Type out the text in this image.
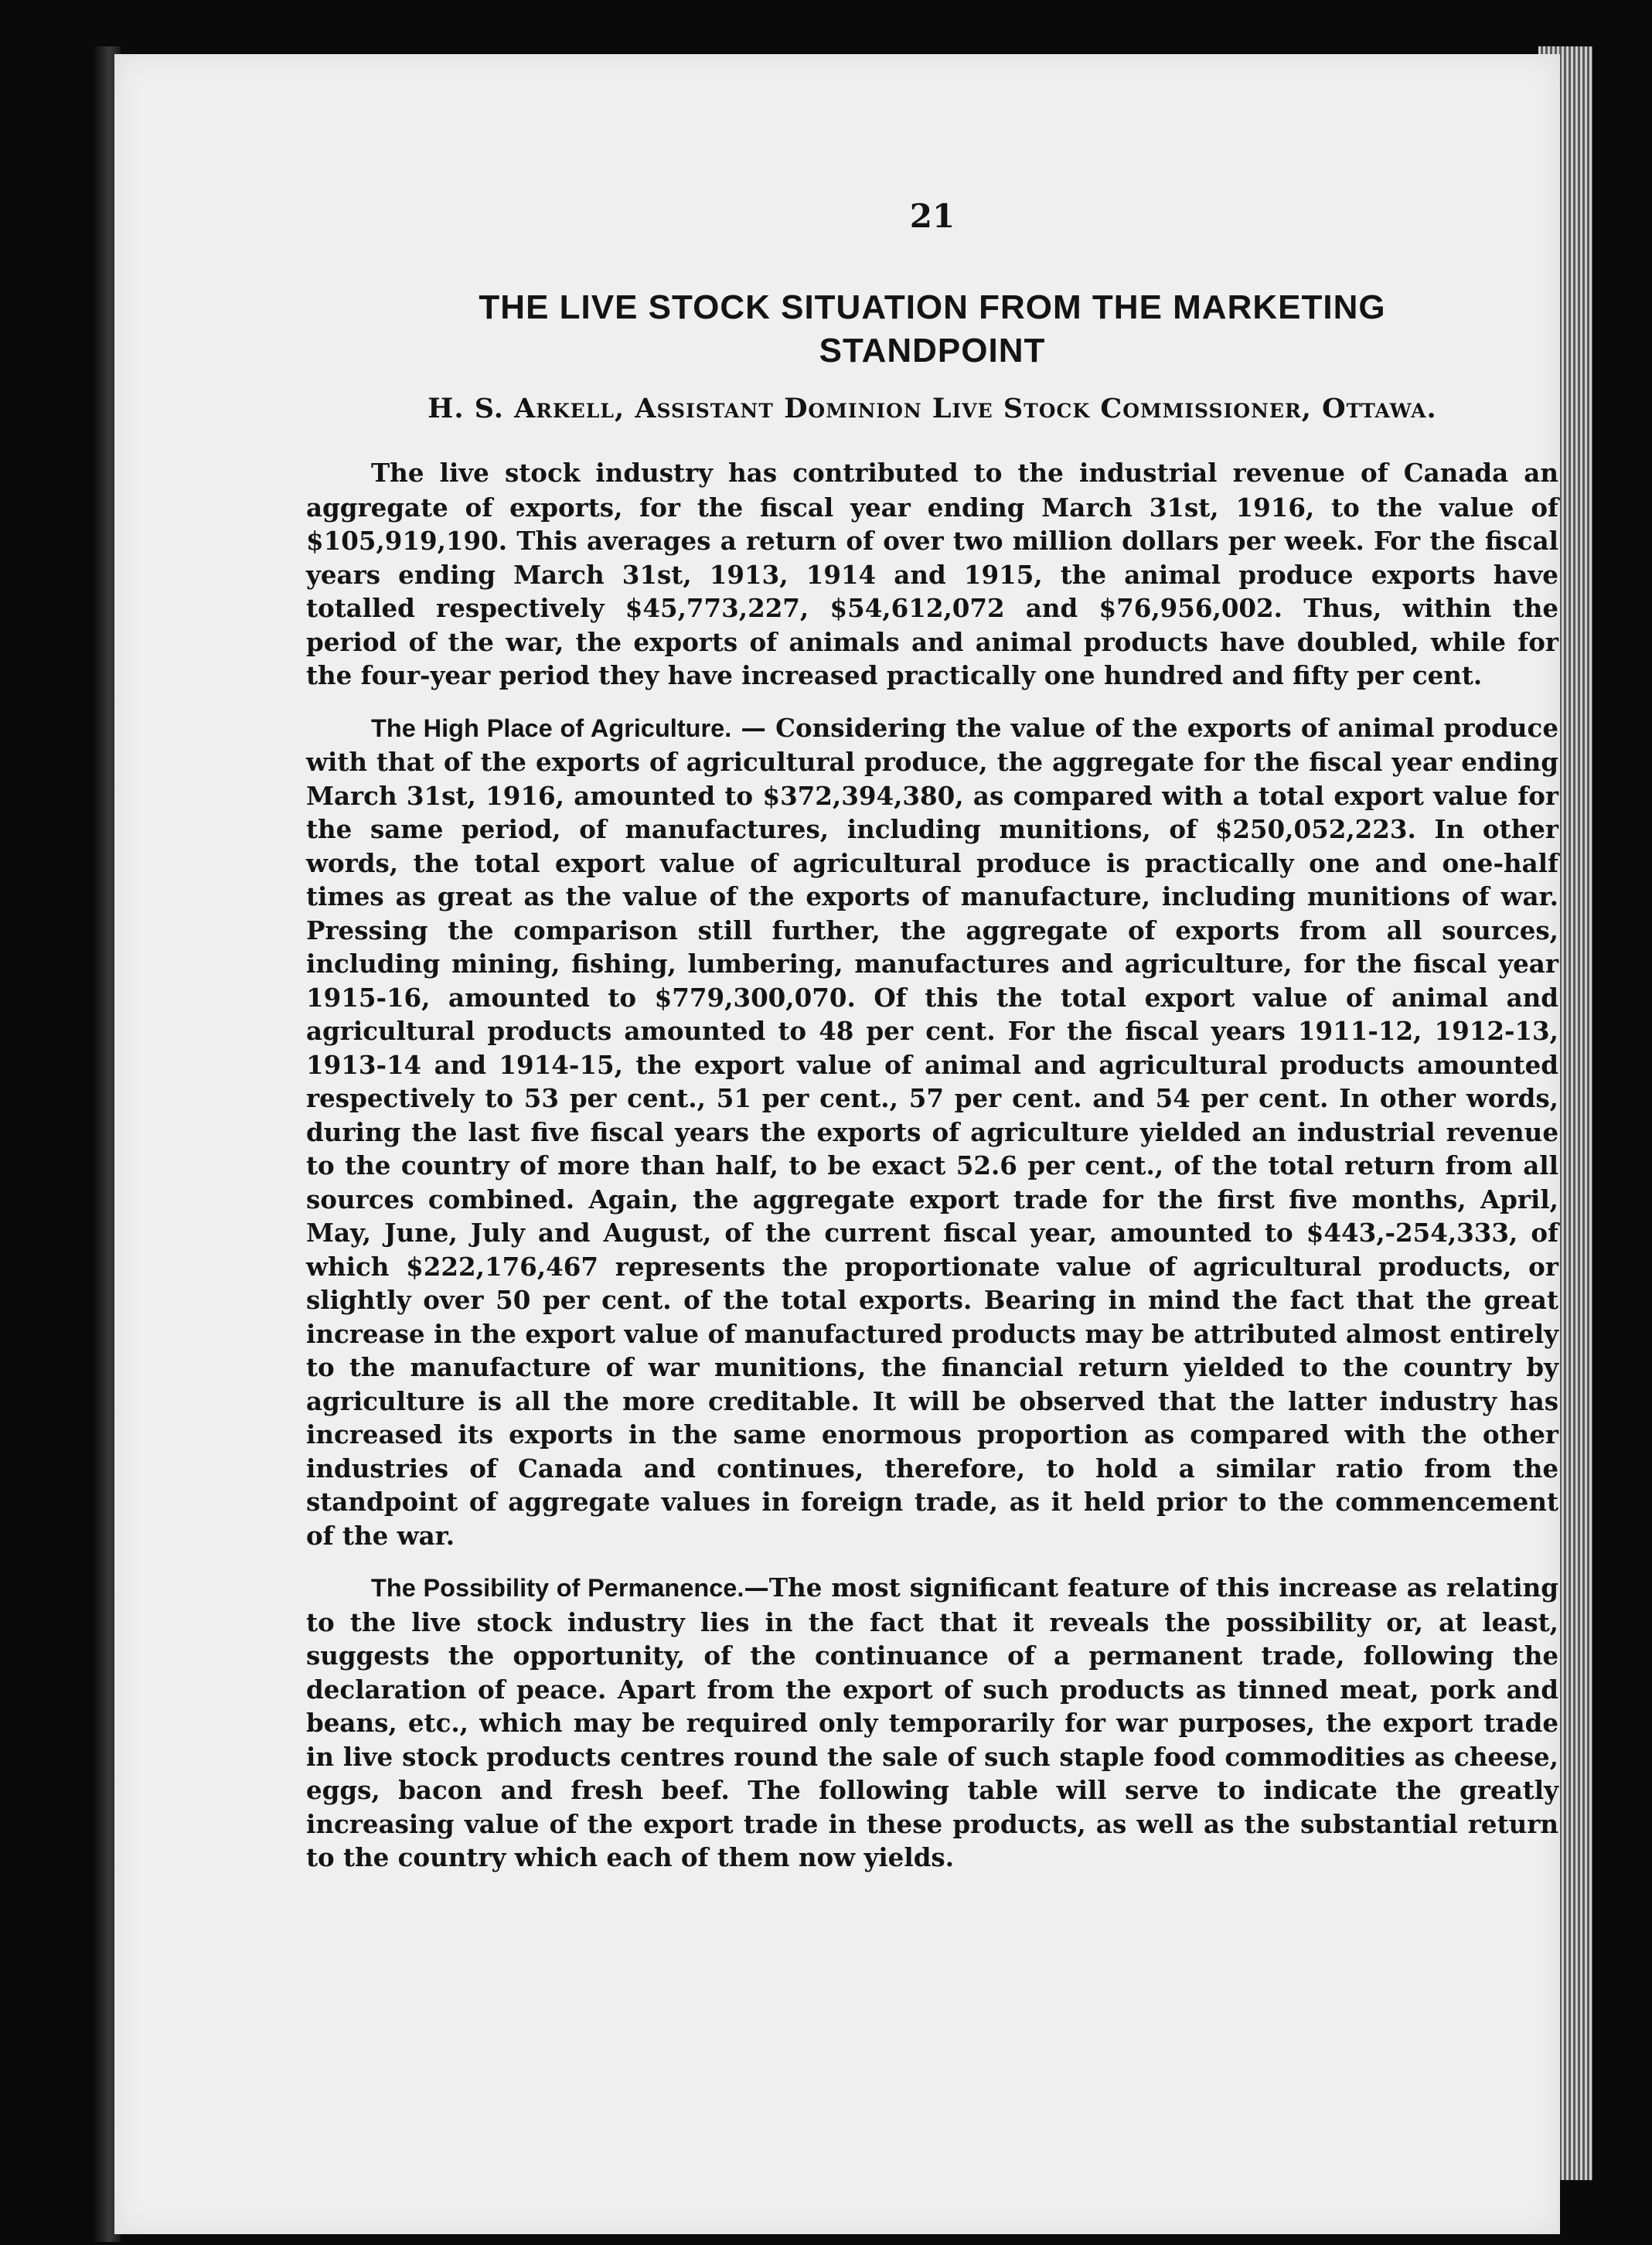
21
THE LIVE STOCK SITUATION FROM THE MARKETING
STANDPOINT
H. S. Arkell, Assistant Dominion Live Stock Commissioner, Ottawa.

The live stock industry has contributed to the industrial revenue of Canada an aggregate of exports, for the fiscal year ending March 31st, 1916, to the value of $105,919,190. This averages a return of over two million dollars per week. For the fiscal years ending March 31st, 1913, 1914 and 1915, the animal produce exports have totalled respectively $45,773,227, $54,612,072 and $76,956,002. Thus, within the period of the war, the exports of animals and animal products have doubled, while for the four-year period they have increased practically one hundred and fifty per cent.

The High Place of Agriculture. — Considering the value of the exports of animal produce with that of the exports of agricultural produce, the aggregate for the fiscal year ending March 31st, 1916, amounted to $372,394,380, as compared with a total export value for the same period, of manufactures, including munitions, of $250,052,223. In other words, the total export value of agricultural produce is practically one and one-half times as great as the value of the exports of manufacture, including munitions of war. Pressing the comparison still further, the aggregate of exports from all sources, including mining, fishing, lumbering, manufactures and agriculture, for the fiscal year 1915-16, amounted to $779,300,070. Of this the total export value of animal and agricultural products amounted to 48 per cent. For the fiscal years 1911-12, 1912-13, 1913-14 and 1914-15, the export value of animal and agricultural products amounted respectively to 53 per cent., 51 per cent., 57 per cent. and 54 per cent. In other words, during the last five fiscal years the exports of agriculture yielded an industrial revenue to the country of more than half, to be exact 52.6 per cent., of the total return from all sources combined. Again, the aggregate export trade for the first five months, April, May, June, July and August, of the current fiscal year, amounted to $443,-254,333, of which $222,176,467 represents the proportionate value of agricultural products, or slightly over 50 per cent. of the total exports. Bearing in mind the fact that the great increase in the export value of manufactured products may be attributed almost entirely to the manufacture of war munitions, the financial return yielded to the country by agriculture is all the more creditable. It will be observed that the latter industry has increased its exports in the same enormous proportion as compared with the other industries of Canada and continues, therefore, to hold a similar ratio from the standpoint of aggregate values in foreign trade, as it held prior to the commencement of the war.

The Possibility of Permanence.—The most significant feature of this increase as relating to the live stock industry lies in the fact that it reveals the possibility or, at least, suggests the opportunity, of the continuance of a permanent trade, following the declaration of peace. Apart from the export of such products as tinned meat, pork and beans, etc., which may be required only temporarily for war purposes, the export trade in live stock products centres round the sale of such staple food commodities as cheese, eggs, bacon and fresh beef. The following table will serve to indicate the greatly increasing value of the export trade in these products, as well as the substantial return to the country which each of them now yields.
